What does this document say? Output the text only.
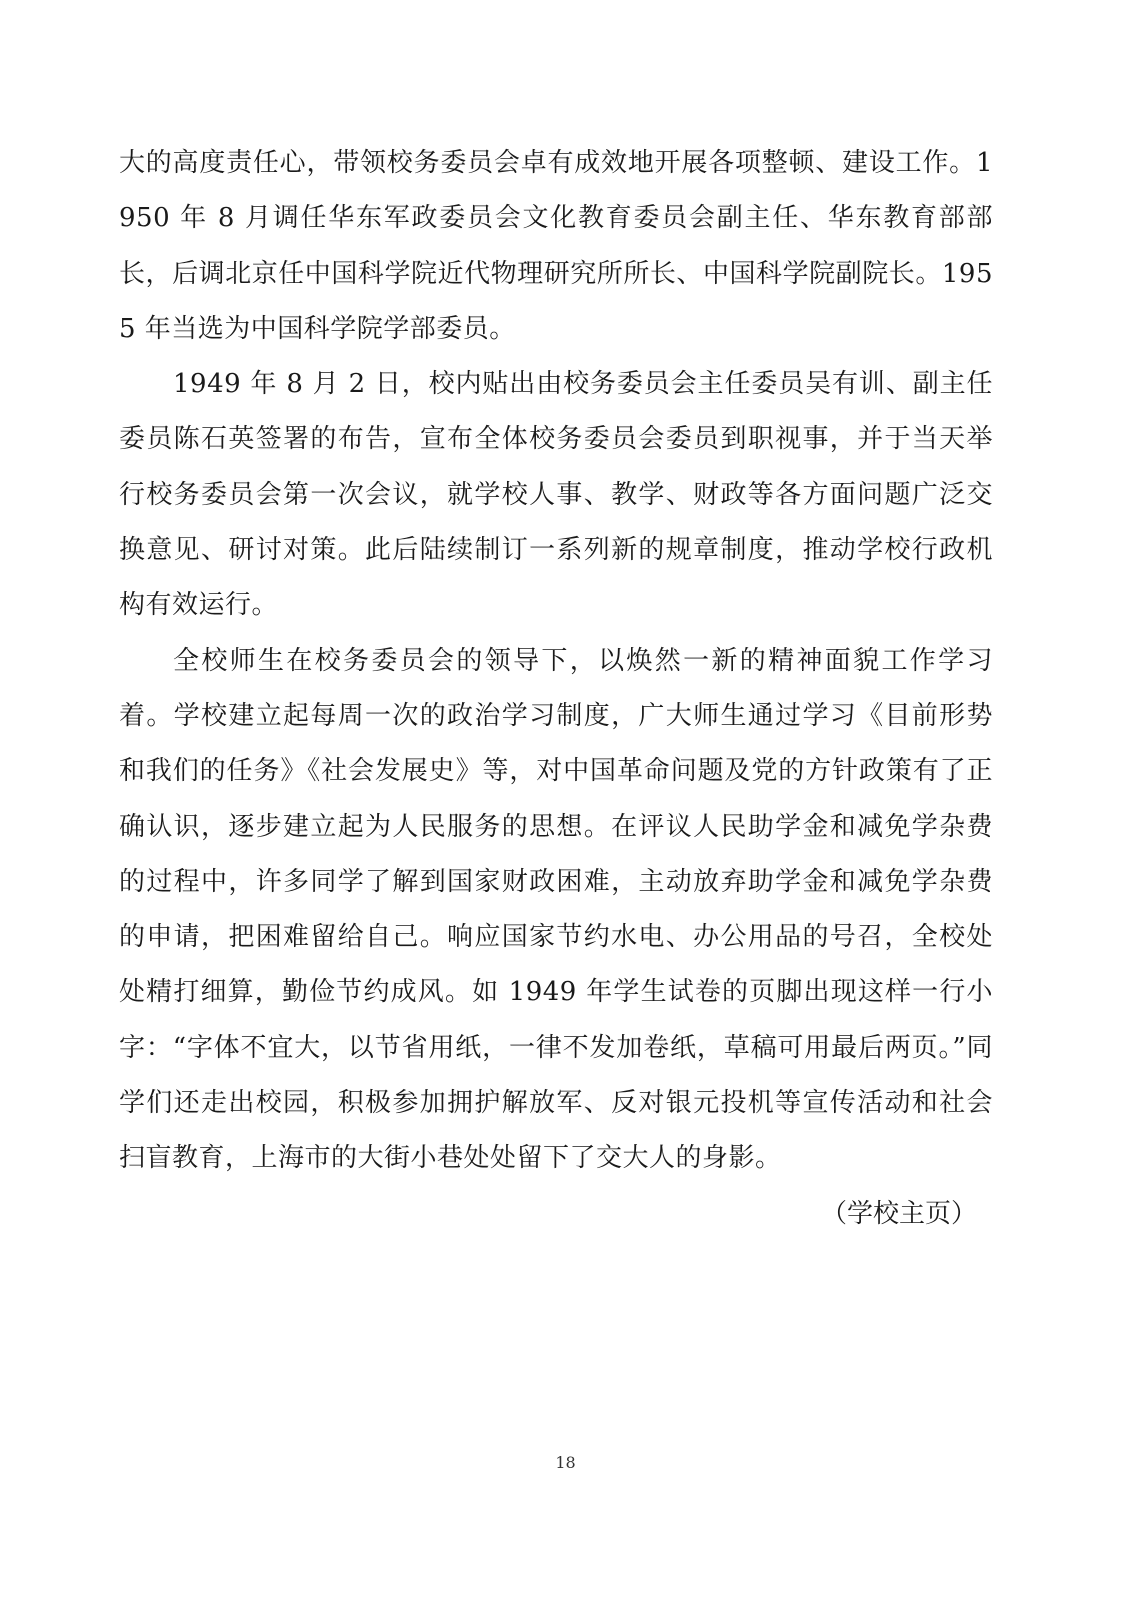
大的高度责任心，带领校务委员会卓有成效地开展各项整顿、建设工作。1950 年 8 月调任华东军政委员会文化教育委员会副主任、华东教育部部长，后调北京任中国科学院近代物理研究所所长、中国科学院副院长。1955 年当选为中国科学院学部委员。

1949 年 8 月 2 日，校内贴出由校务委员会主任委员吴有训、副主任委员陈石英签署的布告，宣布全体校务委员会委员到职视事，并于当天举行校务委员会第一次会议，就学校人事、教学、财政等各方面问题广泛交换意见、研讨对策。此后陆续制订一系列新的规章制度，推动学校行政机构有效运行。

全校师生在校务委员会的领导下，以焕然一新的精神面貌工作学习着。学校建立起每周一次的政治学习制度，广大师生通过学习《目前形势和我们的任务》《社会发展史》等，对中国革命问题及党的方针政策有了正确认识，逐步建立起为人民服务的思想。在评议人民助学金和减免学杂费的过程中，许多同学了解到国家财政困难，主动放弃助学金和减免学杂费的申请，把困难留给自己。响应国家节约水电、办公用品的号召，全校处处精打细算，勤俭节约成风。如 1949 年学生试卷的页脚出现这样一行小字：“字体不宜大，以节省用纸，一律不发加卷纸，草稿可用最后两页。”同学们还走出校园，积极参加拥护解放军、反对银元投机等宣传活动和社会扫盲教育，上海市的大街小巷处处留下了交大人的身影。

（学校主页）

18
